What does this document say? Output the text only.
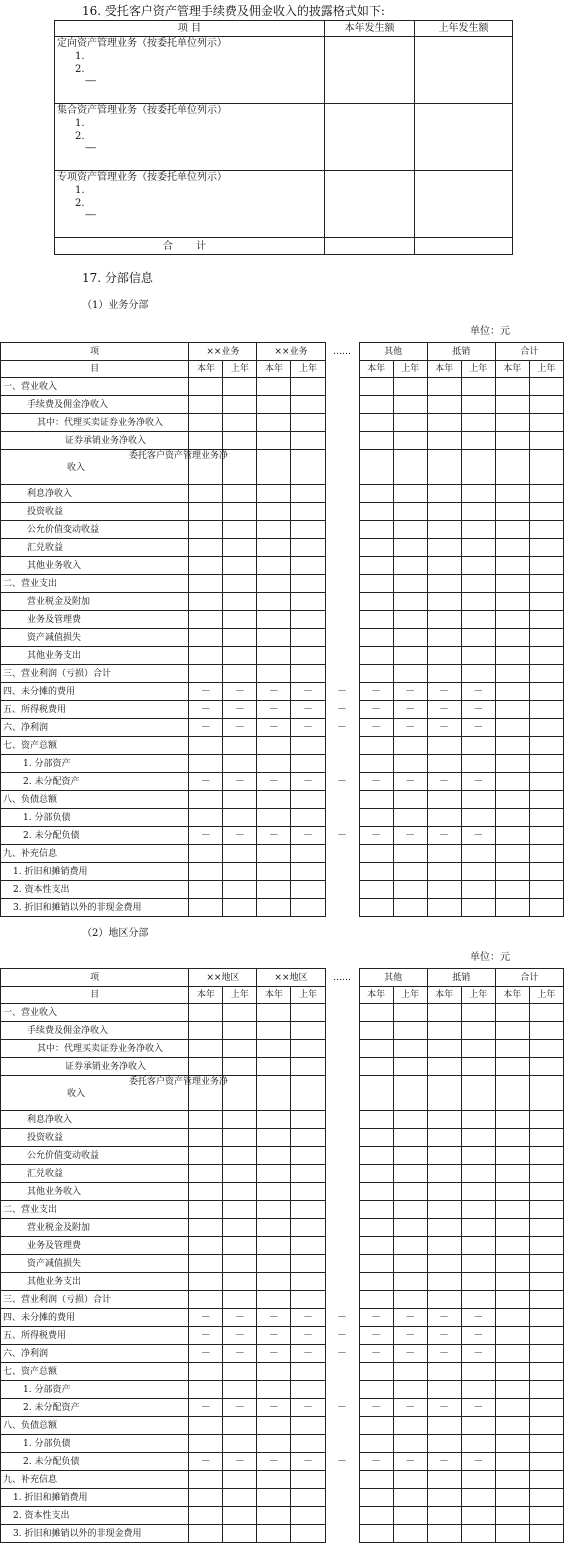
16. 受托客户资产管理手续费及佣金收入的披露格式如下:
项 目	本年发生额	上年发生额

定向资产管理业务（按委托单位列示）
1.
2.
------		

集合资产管理业务（按委托单位列示）
1.
2.
------		

专项资产管理业务（按委托单位列示）
1.
2.
------		

合 计		
17. 分部信息
（1）业务分部
单位：元
项	××业务		××业务		……	其他		抵销		合计	
目	本年	上年	本年	上年		本年	上年	本年	上年	本年	上年
一、营业收入											
手续费及佣金净收入											
其中：代理买卖证券业务净收入											
证券承销业务净收入											

委托客户资产管理业务净
收入											

利息净收入											
投资收益											
公允价值变动收益											
汇兑收益											
其他业务收入											
二、营业支出											
营业税金及附加											
业务及管理费											
资产减值损失											
其他业务支出											
三、营业利润（亏损）合计											
四、未分摊的费用	－	－	－	－	－	－	－	－	－		
五、所得税费用	－	－	－	－	－	－	－	－	－		
六、净利润	－	－	－	－	－	－	－	－	－		
七、资产总额											
1. 分部资产											
2. 未分配资产	－	－	－	－	－	－	－	－	－		
八、负债总额											
1. 分部负债											
2. 未分配负债	－	－	－	－	－	－	－	－	－		
九、补充信息											
1. 折旧和摊销费用											
2. 资本性支出											
3. 折旧和摊销以外的非现金费用											
（2）地区分部
单位：元
项	××地区		××地区		……	其他		抵销		合计	
目	本年	上年	本年	上年		本年	上年	本年	上年	本年	上年
一、营业收入											
手续费及佣金净收入											
其中：代理买卖证券业务净收入											
证券承销业务净收入											

委托客户资产管理业务净
收入											

利息净收入											
投资收益											
公允价值变动收益											
汇兑收益											
其他业务收入											
二、营业支出											
营业税金及附加											
业务及管理费											
资产减值损失											
其他业务支出											
三、营业利润（亏损）合计											
四、未分摊的费用	－	－	－	－	－	－	－	－	－		
五、所得税费用	－	－	－	－	－	－	－	－	－		
六、净利润	－	－	－	－	－	－	－	－	－		
七、资产总额											
1. 分部资产											
2. 未分配资产	－	－	－	－	－	－	－	－	－		
八、负债总额											
1. 分部负债											
2. 未分配负债	－	－	－	－	－	－	－	－	－		
九、补充信息											
1. 折旧和摊销费用											
2. 资本性支出											
3. 折旧和摊销以外的非现金费用											
